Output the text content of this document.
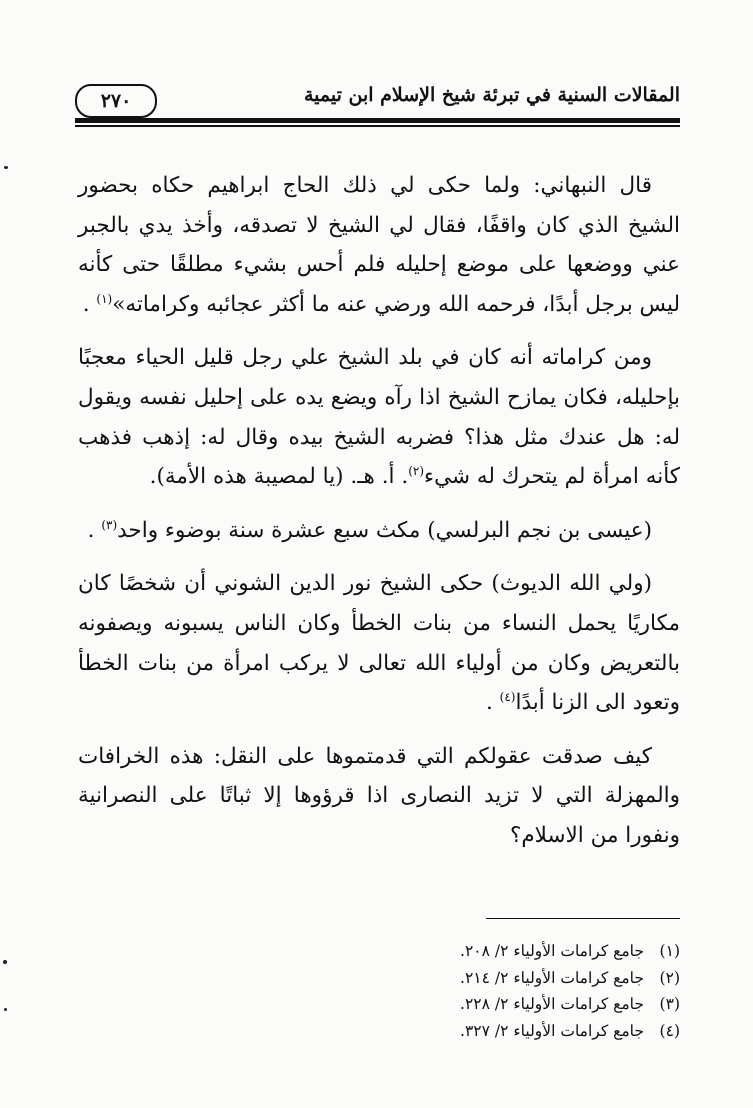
٢٧٠	المقالات السنية في تبرئة شيخ الإسلام ابن تيمية

قال النبهاني: ولما حكى لي ذلك الحاج ابراهيم حكاه بحضور الشيخ الذي كان واقفًا، فقال لي الشيخ لا تصدقه، وأخذ يدي بالجبر عني ووضعها على موضع إحليله فلم أحس بشيء مطلقًا حتى كأنه ليس برجل أبدًا، فرحمه الله ورضي عنه ما أكثر عجائبه وكراماته»$^{(١)}$ .

ومن كراماته أنه كان في بلد الشيخ علي رجل قليل الحياء معجبًا بإحليله، فكان يمازح الشيخ اذا رآه ويضع يده على إحليل نفسه ويقول له: هل عندك مثل هذا؟ فضربه الشيخ بيده وقال له: إذهب فذهب كأنه امرأة لم يتحرك له شيء$^{(٢)}$. أ. هـ. (يا لمصيبة هذه الأمة).

(عيسى بن نجم البرلسي) مكث سبع عشرة سنة بوضوء واحد$^{(٣)}$ .

(ولي الله الديوث) حكى الشيخ نور الدين الشوني أن شخصًا كان مكاريًا يحمل النساء من بنات الخطأ وكان الناس يسبونه ويصفونه بالتعريض وكان من أولياء الله تعالى لا يركب امرأة من بنات الخطأ وتعود الى الزنا أبدًا$^{(٤)}$ .

كيف صدقت عقولكم التي قدمتموها على النقل: هذه الخرافات والمهزلة التي لا تزيد النصارى اذا قرؤوها إلا ثباتًا على النصرانية ونفورا من الاسلام؟

(١)جامع كرامات الأولياء ٢/ ٢٠٨.
(٢)جامع كرامات الأولياء ٢/ ٢١٤.
(٣)جامع كرامات الأولياء ٢/ ٢٢٨.
(٤)جامع كرامات الأولياء ٢/ ٣٢٧.
